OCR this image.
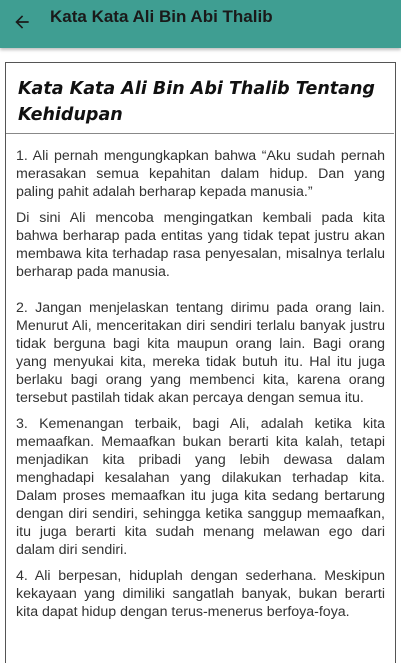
Kata Kata Ali Bin Abi Thalib
Kata Kata Ali Bin Abi Thalib Tentang Kehidupan

1. Ali pernah mengungkapkan bahwa “Aku sudah pernah merasakan semua kepahitan dalam hidup. Dan yang paling pahit adalah berharap kepada manusia.”

Di sini Ali mencoba mengingatkan kembali pada kita bahwa berharap pada entitas yang tidak tepat justru akan membawa kita terhadap rasa penyesalan, misalnya terlalu berharap pada manusia.

2. Jangan menjelaskan tentang dirimu pada orang lain. Menurut Ali, menceritakan diri sendiri terlalu banyak justru tidak berguna bagi kita maupun orang lain. Bagi orang yang menyukai kita, mereka tidak butuh itu. Hal itu juga berlaku bagi orang yang membenci kita, karena orang tersebut pastilah tidak akan percaya dengan semua itu.

3. Kemenangan terbaik, bagi Ali, adalah ketika kita memaafkan. Memaafkan bukan berarti kita kalah, tetapi menjadikan kita pribadi yang lebih dewasa dalam menghadapi kesalahan yang dilakukan terhadap kita. Dalam proses memaafkan itu juga kita sedang bertarung dengan diri sendiri, sehingga ketika sanggup memaafkan, itu juga berarti kita sudah menang melawan ego dari dalam diri sendiri.

4. Ali berpesan, hiduplah dengan sederhana. Meskipun kekayaan yang dimiliki sangatlah banyak, bukan berarti kita dapat hidup dengan terus-menerus berfoya-foya.
